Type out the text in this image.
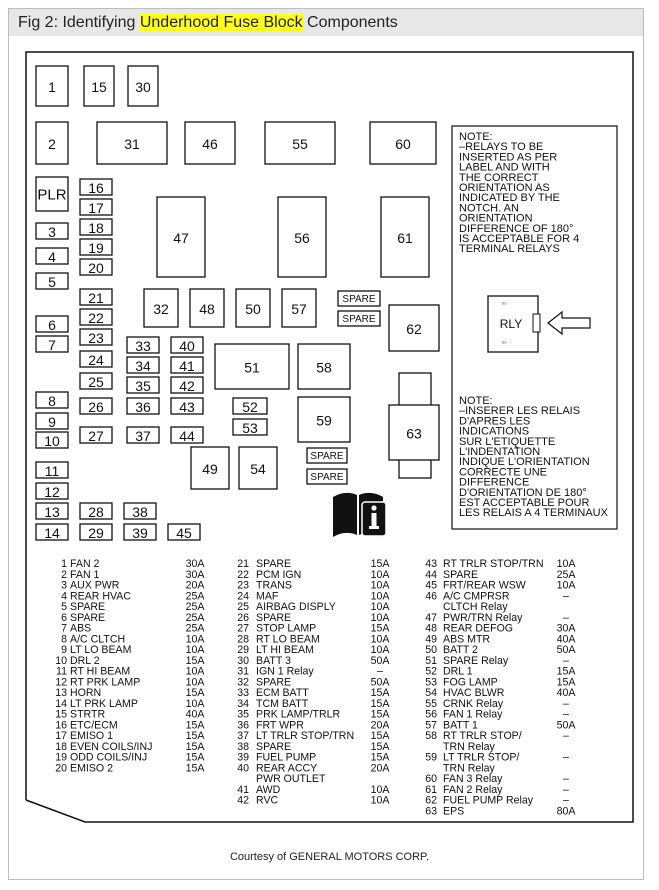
Fig 2: Identifying Underhood Fuse Block Components
1	15 30
2	31	46	55	60
PLR 16
17
18
19
20
3
4
5
47	56	61
21
22
23
24
25
26
27
6
7
32 48 50 57
SPARE
SPARE
62
33
34
35
36
37
40
41
42
43
44
51	58
8
9
10
52
53	59
63
49 54
SPARE
SPARE
11
12
13
14
28
29
38
39 45
NOTE:
–RELAYS TO BE
INSERTED AS PER
LABEL AND WITH
THE CORRECT
ORIENTATION AS
INDICATED BY THE
NOTCH. AN
ORIENTATION
DIFFERENCE OF 180°
IS ACCEPTABLE FOR 4
TERMINAL RELAYS
NOTE:
–INSERER LES RELAIS
D'APRES LES
INDICATIONS
SUR L'ETIQUETTE
L'INDENTATION
INDIQUE L'ORIENTATION
CORRECTE UNE
DIFFERENCE
D'ORIENTATION DE 180°
EST ACCEPTABLE POUR
LES RELAIS A 4 TERMINAUX
RLY
▫▫
▫▫
1 FAN 2	30A
2 FAN 1	30A
3 AUX PWR	20A
4 REAR HVAC	25A
5 SPARE	25A
6 SPARE	25A
7 ABS	25A
8 A/C CLTCH	10A
9 LT LO BEAM	10A
10 DRL 2	15A
11 RT HI BEAM	10A
12 RT PRK LAMP	10A
13 HORN	15A
14 LT PRK LAMP	10A
15 STRTR	40A
16 ETC/ECM	15A
17 EMISO 1	15A
18 EVEN COILS/INJ	15A
19 ODD COILS/INJ	15A
20 EMISO 2	15A
21 SPARE	15A
22 PCM IGN	10A
23 TRANS	10A
24 MAF	10A
25 AIRBAG DISPLY	10A
26 SPARE	10A
27 STOP LAMP	15A
28 RT LO BEAM	10A
29 LT HI BEAM	10A
30 BATT 3	50A
31 IGN 1 Relay	–
32 SPARE	50A
33 ECM BATT	15A
34 TCM BATT	15A
35 PRK LAMP/TRLR	15A
36 FRT WPR	20A
37 LT TRLR STOP/TRN 15A
38 SPARE	15A
39 FUEL PUMP	15A
40 REAR ACCY	20A
PWR OUTLET
41 AWD	10A
42 RVC	10A
43 RT TRLR STOP/TRN 10A
44 SPARE	25A
45 FRT/REAR WSW	10A
46 A/C CMPRSR	–
CLTCH Relay
47 PWR/TRN Relay	–
48 REAR DEFOG	30A
49 ABS MTR	40A
50 BATT 2	50A
51 SPARE Relay	–
52 DRL 1	15A
53 FOG LAMP	15A
54 HVAC BLWR	40A
55 CRNK Relay	–
56 FAN 1 Relay	–
57 BATT 1	50A
58 RT TRLR STOP/	–
TRN Relay
59 LT TRLR STOP/	–
TRN Relay
60 FAN 3 Relay	–
61 FAN 2 Relay	–
62 FUEL PUMP Relay	–
63 EPS	80A
Courtesy of GENERAL MOTORS CORP.
